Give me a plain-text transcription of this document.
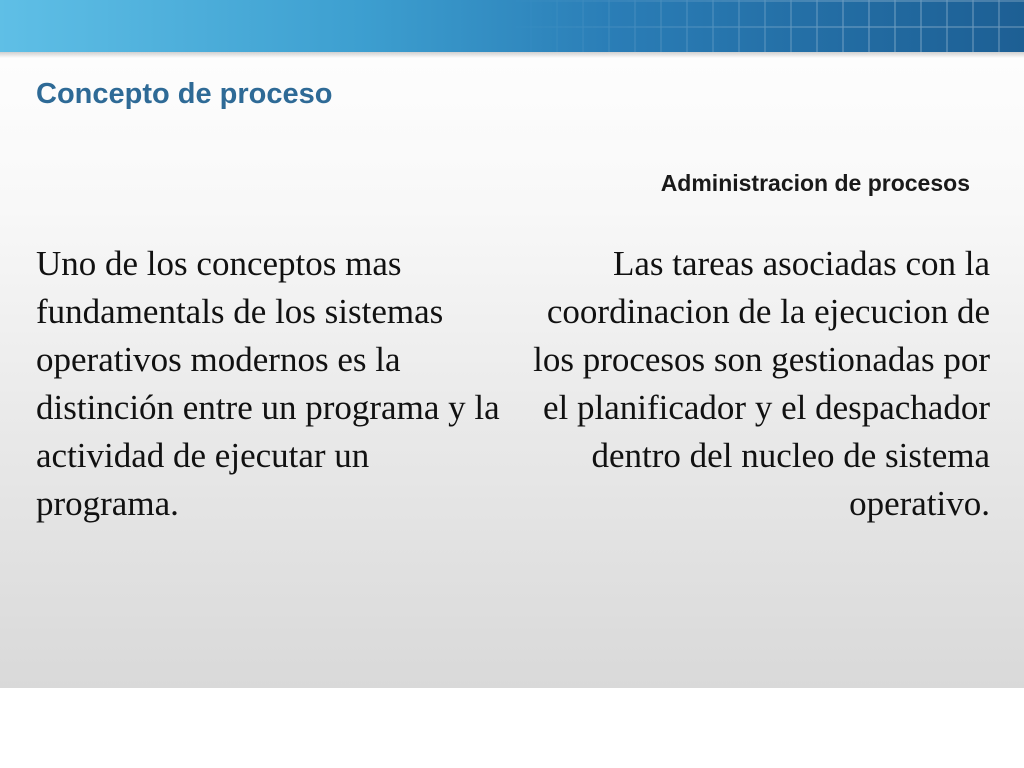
Concepto de proceso
Administracion de procesos

Uno de los conceptos mas fundamentals de los sistemas operativos modernos es la distinción entre un programa y la actividad de ejecutar un programa.

Las tareas asociadas con la coordinacion de la ejecucion de los procesos son gestionadas por el planificador y el despachador dentro del nucleo de sistema operativo.
